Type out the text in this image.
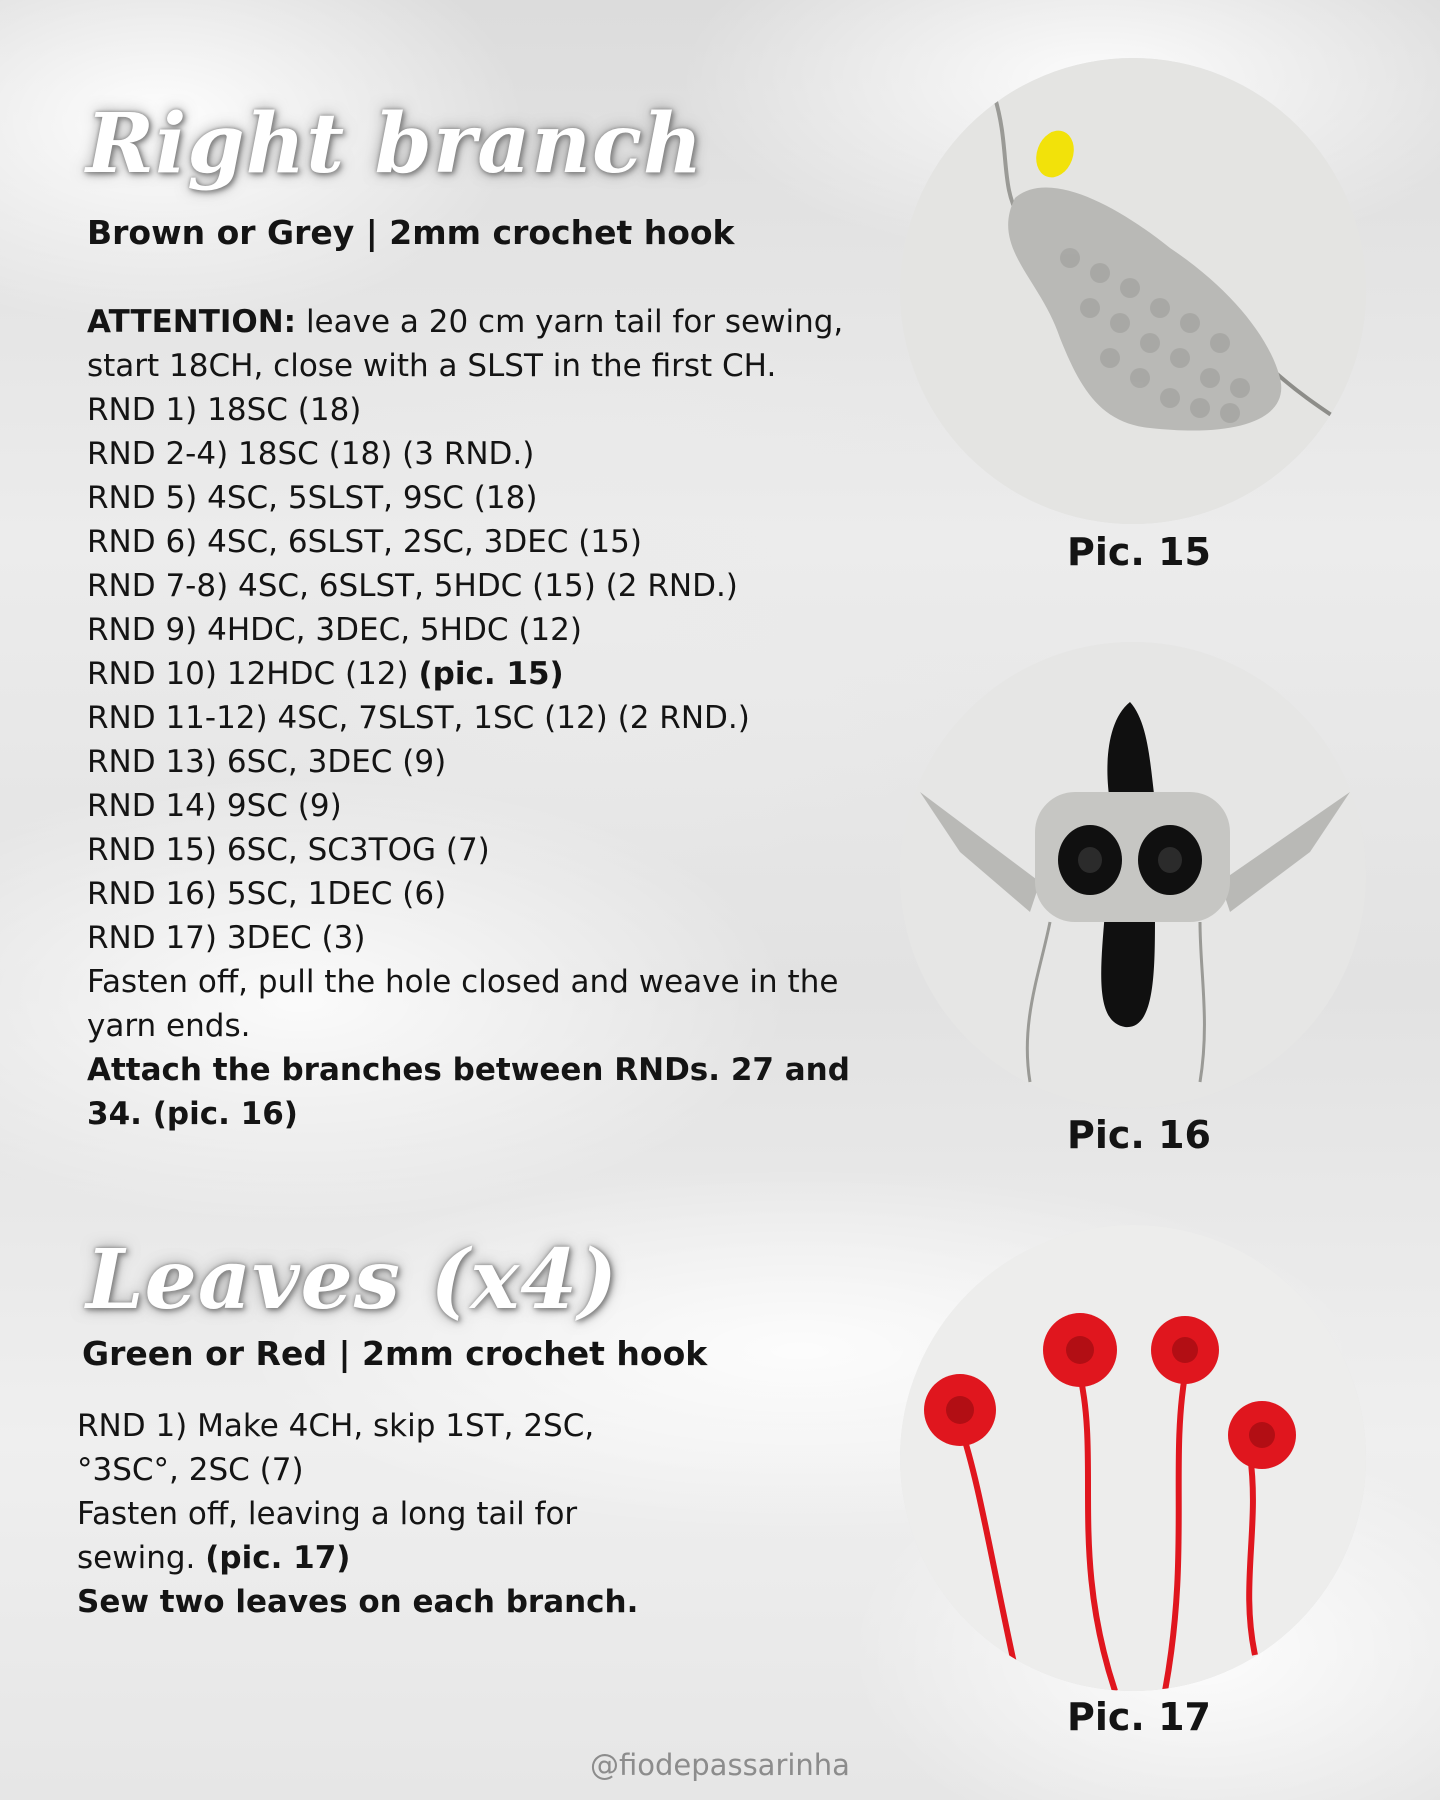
Right branch
Brown or Grey | 2mm crochet hook

ATTENTION: leave a 20 cm yarn tail for sewing, start 18CH, close with a SLST in the first CH.

RND 1) 18SC (18)

RND 2-4) 18SC (18) (3 RND.)

RND 5) 4SC, 5SLST, 9SC (18)

RND 6) 4SC, 6SLST, 2SC, 3DEC (15)

RND 7-8) 4SC, 6SLST, 5HDC (15) (2 RND.)

RND 9) 4HDC, 3DEC, 5HDC (12)

RND 10) 12HDC (12) (pic. 15)

RND 11-12) 4SC, 7SLST, 1SC (12) (2 RND.)

RND 13) 6SC, 3DEC (9)

RND 14) 9SC (9)

RND 15) 6SC, SC3TOG (7)

RND 16) 5SC, 1DEC (6)

RND 17) 3DEC (3)

Fasten off, pull the hole closed and weave in the yarn ends.

Attach the branches between RNDs. 27 and 34. (pic. 16)

Leaves (x4)
Green or Red | 2mm crochet hook

RND 1) Make 4CH, skip 1ST, 2SC, °3SC°, 2SC (7)

Fasten off, leaving a long tail for sewing. (pic. 17)

Sew two leaves on each branch.

Pic. 15

Pic. 16

Pic. 17

@fiodepassarinha
